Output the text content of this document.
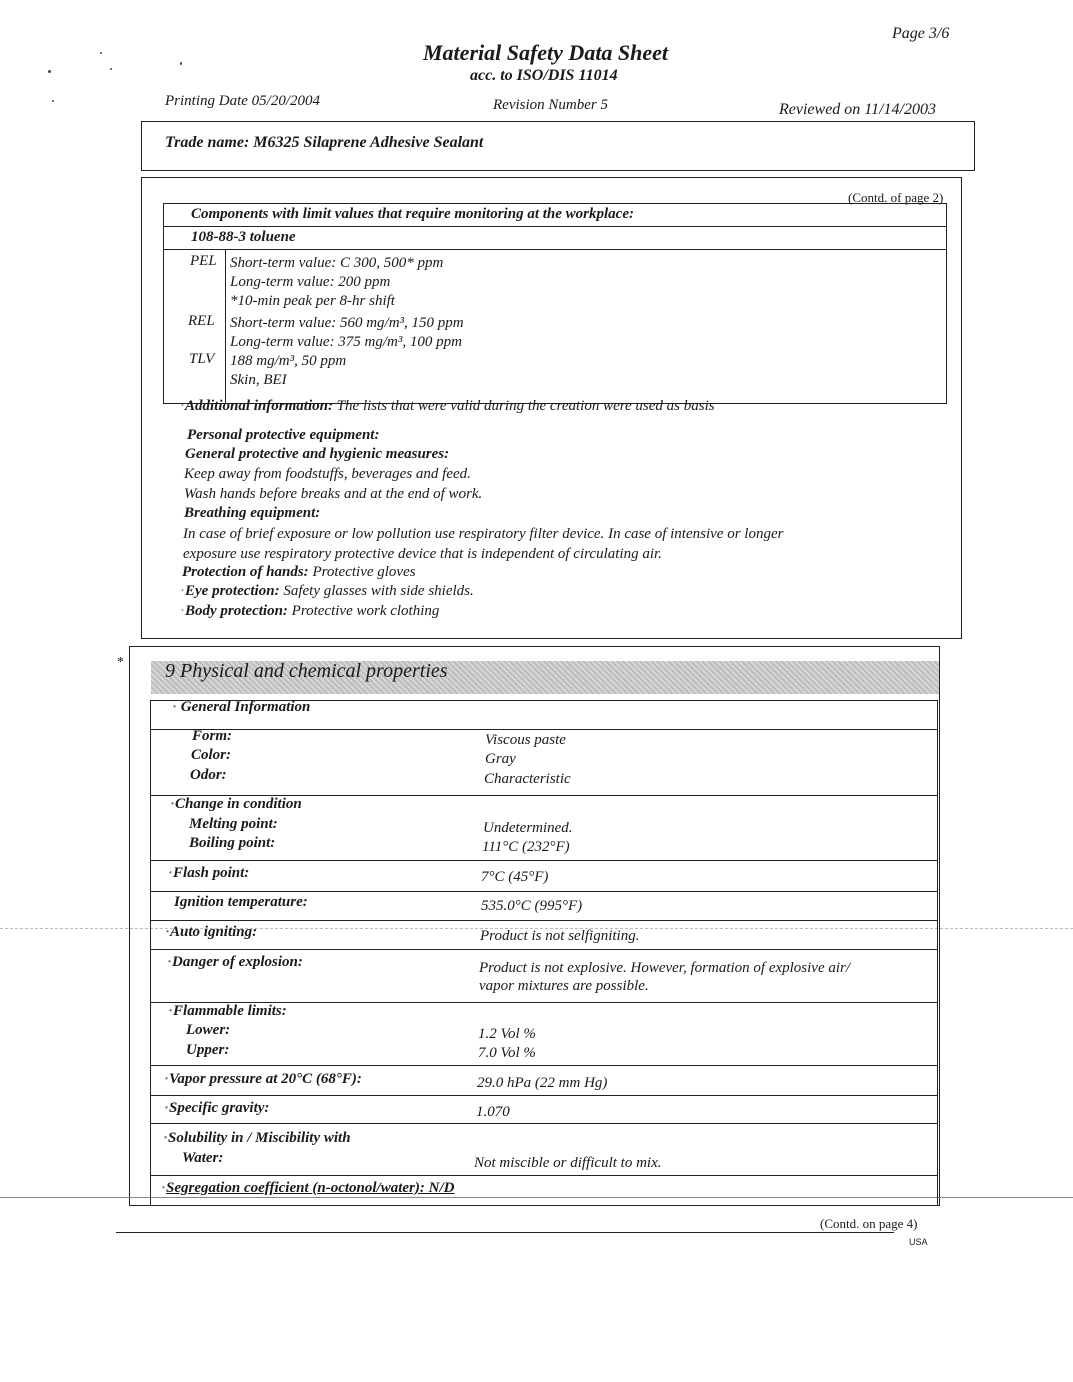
*
Page 3/6
Material Safety Data Sheet
acc. to ISO/DIS 11014
Printing Date 05/20/2004	Revision Number 5	Reviewed on 11/14/2003
Trade name: M6325 Silaprene Adhesive Sealant
(Contd. of page 2)
Components with limit values that require monitoring at the workplace:
108-88-3 toluene
PEL Short-term value: C 300, 500* ppm
Long-term value: 200 ppm
*10-min peak per 8-hr shift
REL Short-term value: 560 mg/m³, 150 ppm
Long-term value: 375 mg/m³, 100 ppm
TLV 188 mg/m³, 50 ppm
Skin, BEI
·Additional information: The lists that were valid during the creation were used as basis
Personal protective equipment:
General protective and hygienic measures:
Keep away from foodstuffs, beverages and feed.
Wash hands before breaks and at the end of work.
Breathing equipment:
In case of brief exposure or low pollution use respiratory filter device. In case of intensive or longer
exposure use respiratory protective device that is independent of circulating air.
Protection of hands: Protective gloves
·Eye protection: Safety glasses with side shields.
·Body protection: Protective work clothing
9 Physical and chemical properties
· General Information
Form:	Viscous paste
Color:	Gray
Odor:	Characteristic
·Change in condition
Melting point:	Undetermined.
Boiling point:	111°C (232°F)
·Flash point:	7°C (45°F)
Ignition temperature:	535.0°C (995°F)
·Auto igniting:	Product is not selfigniting.
·Danger of explosion:	Product is not explosive. However, formation of explosive air/
vapor mixtures are possible.
·Flammable limits:
Lower:	1.2 Vol %
Upper:	7.0 Vol %
·Vapor pressure at 20°C (68°F):	29.0 hPa (22 mm Hg)
·Specific gravity:	1.070
·Solubility in / Miscibility with
Water:	Not miscible or difficult to mix.
·Segregation coefficient (n-octonol/water): N/D
(Contd. on page 4)
USA
